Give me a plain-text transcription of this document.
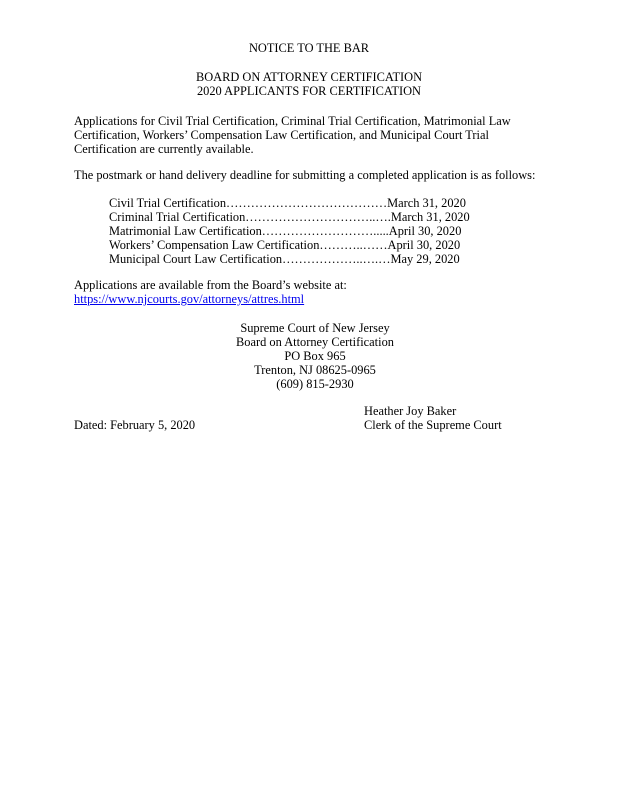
NOTICE TO THE BAR
BOARD ON ATTORNEY CERTIFICATION
2020 APPLICANTS FOR CERTIFICATION
Applications for Civil Trial Certification, Criminal Trial Certification, Matrimonial Law Certification, Workers’ Compensation Law Certification, and Municipal Court Trial Certification are currently available.
The postmark or hand delivery deadline for submitting a completed application is as follows:
Civil Trial Certification…………………………………March 31, 2020
Criminal Trial Certification…………………………..….March 31, 2020
Matrimonial Law Certification……………………….....April 30, 2020
Workers’ Compensation Law Certification………..……April 30, 2020
Municipal Court Law Certification………………..….…May 29, 2020
Applications are available from the Board’s website at:
https://www.njcourts.gov/attorneys/attres.html
Supreme Court of New Jersey
Board on Attorney Certification
PO Box 965
Trenton, NJ 08625-0965
(609) 815-2930
Dated: February 5, 2020
Heather Joy Baker
Clerk of the Supreme Court
